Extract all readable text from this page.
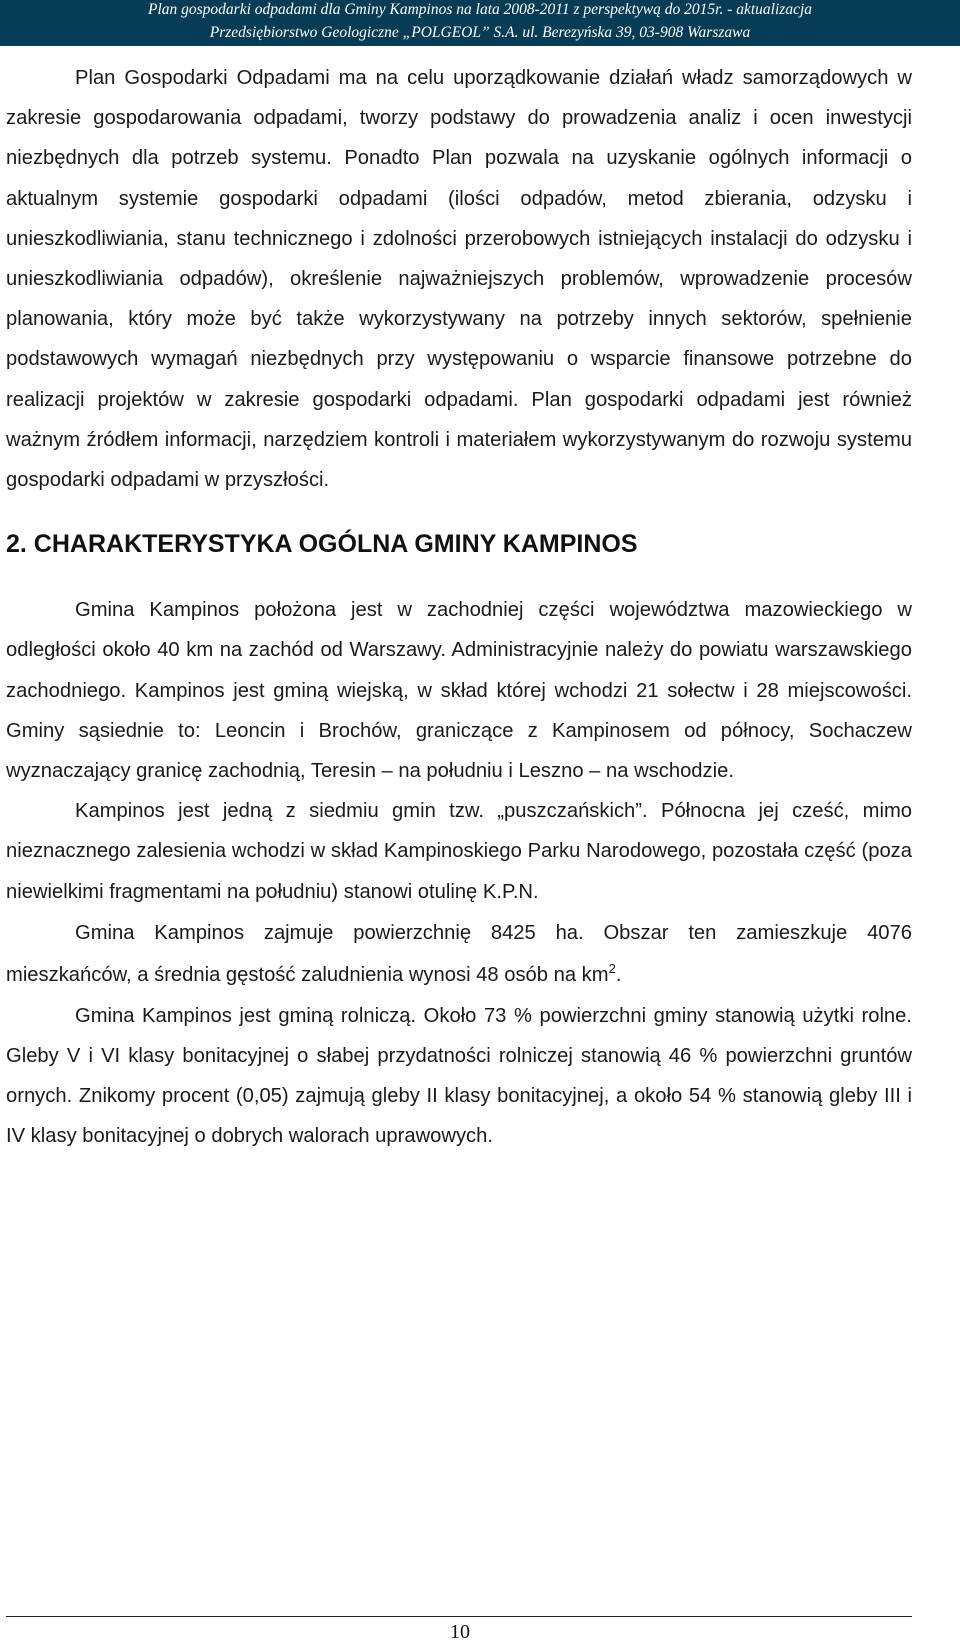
Plan gospodarki odpadami dla Gminy Kampinos na lata 2008-2011 z perspektywą do 2015r. - aktualizacja
Przedsiębiorstwo Geologiczne „POLGEOL” S.A. ul. Berezyńska 39, 03-908 Warszawa

Plan Gospodarki Odpadami ma na celu uporządkowanie działań władz samorządowych w zakresie gospodarowania odpadami, tworzy podstawy do prowadzenia analiz i ocen inwestycji niezbędnych dla potrzeb systemu. Ponadto Plan pozwala na uzyskanie ogólnych informacji o aktualnym systemie gospodarki odpadami (ilości odpadów, metod zbierania, odzysku i unieszkodliwiania, stanu technicznego i zdolności przerobowych istniejących instalacji do odzysku i unieszkodliwiania odpadów), określenie najważniejszych problemów, wprowadzenie procesów planowania, który może być także wykorzystywany na potrzeby innych sektorów, spełnienie podstawowych wymagań niezbędnych przy występowaniu o wsparcie finansowe potrzebne do realizacji projektów w zakresie gospodarki odpadami. Plan gospodarki odpadami jest również ważnym źródłem informacji, narzędziem kontroli i materiałem wykorzystywanym do rozwoju systemu gospodarki odpadami w przyszłości.

2. CHARAKTERYSTYKA OGÓLNA GMINY KAMPINOS

Gmina Kampinos położona jest w zachodniej części województwa mazowieckiego w odległości około 40 km na zachód od Warszawy. Administracyjnie należy do powiatu warszawskiego zachodniego. Kampinos jest gminą wiejską, w skład której wchodzi 21 sołectw i 28 miejscowości. Gminy sąsiednie to: Leoncin i Brochów, graniczące z Kampinosem od północy, Sochaczew wyznaczający granicę zachodnią, Teresin – na południu i Leszno – na wschodzie.

Kampinos jest jedną z siedmiu gmin tzw. „puszczańskich”. Północna jej cześć, mimo nieznacznego zalesienia wchodzi w skład Kampinoskiego Parku Narodowego, pozostała część (poza niewielkimi fragmentami na południu) stanowi otulinę K.P.N.

Gmina Kampinos zajmuje powierzchnię 8425 ha. Obszar ten zamieszkuje 4076 mieszkańców, a średnia gęstość zaludnienia wynosi 48 osób na $km^2$.

Gmina Kampinos jest gminą rolniczą. Około 73 % powierzchni gminy stanowią użytki rolne. Gleby V i VI klasy bonitacyjnej o słabej przydatności rolniczej stanowią 46 % powierzchni gruntów ornych. Znikomy procent (0,05) zajmują gleby II klasy bonitacyjnej, a około 54 % stanowią gleby III i IV klasy bonitacyjnej o dobrych walorach uprawowych.

10
